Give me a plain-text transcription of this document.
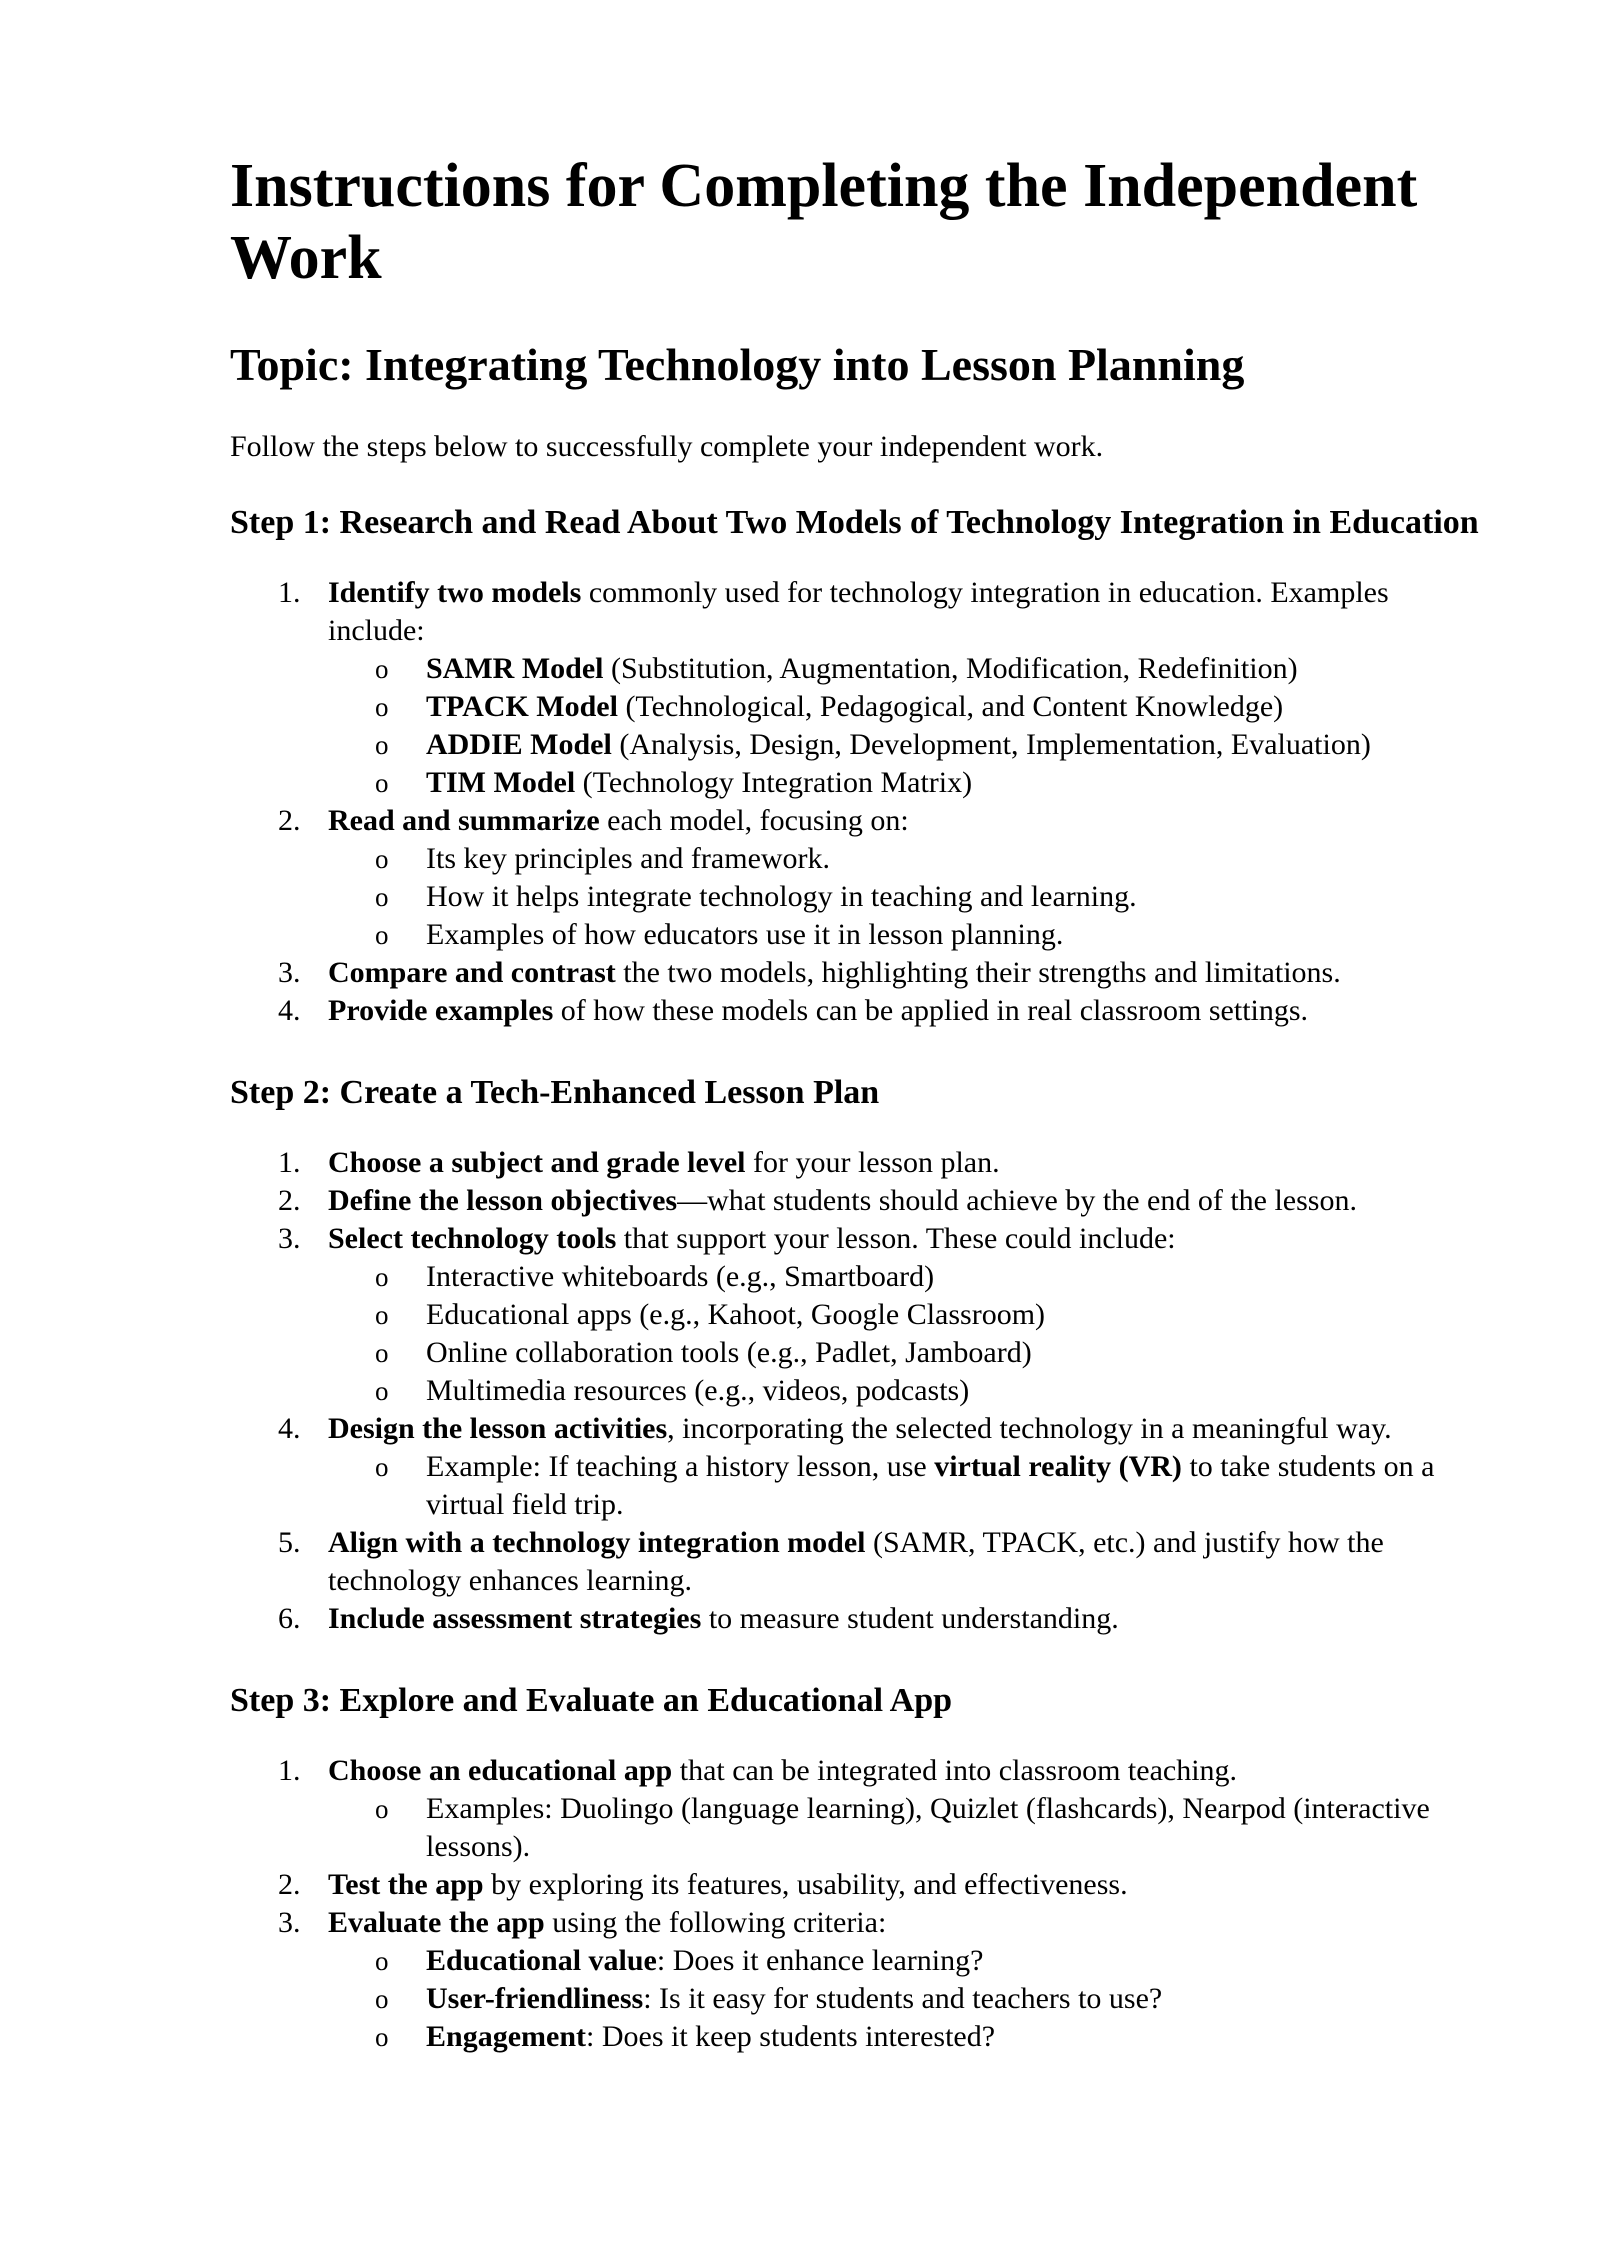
Instructions for Completing the Independent Work
Topic: Integrating Technology into Lesson Planning

Follow the steps below to successfully complete your independent work.

Step 1: Research and Read About Two Models of Technology Integration in Education
1. Identify two models commonly used for technology integration in education. Examples include:
o SAMR Model (Substitution, Augmentation, Modification, Redefinition)
o TPACK Model (Technological, Pedagogical, and Content Knowledge)
o ADDIE Model (Analysis, Design, Development, Implementation, Evaluation)
o TIM Model (Technology Integration Matrix)
2. Read and summarize each model, focusing on:
o Its key principles and framework.
o How it helps integrate technology in teaching and learning.
o Examples of how educators use it in lesson planning.
3. Compare and contrast the two models, highlighting their strengths and limitations.
4. Provide examples of how these models can be applied in real classroom settings.
Step 2: Create a Tech-Enhanced Lesson Plan
1. Choose a subject and grade level for your lesson plan.
2. Define the lesson objectives—what students should achieve by the end of the lesson.
3. Select technology tools that support your lesson. These could include:
o Interactive whiteboards (e.g., Smartboard)
o Educational apps (e.g., Kahoot, Google Classroom)
o Online collaboration tools (e.g., Padlet, Jamboard)
o Multimedia resources (e.g., videos, podcasts)
4. Design the lesson activities, incorporating the selected technology in a meaningful way.
o Example: If teaching a history lesson, use virtual reality (VR) to take students on a virtual field trip.
5. Align with a technology integration model (SAMR, TPACK, etc.) and justify how the technology enhances learning.
6. Include assessment strategies to measure student understanding.
Step 3: Explore and Evaluate an Educational App
1. Choose an educational app that can be integrated into classroom teaching.
o Examples: Duolingo (language learning), Quizlet (flashcards), Nearpod (interactive lessons).
2. Test the app by exploring its features, usability, and effectiveness.
3. Evaluate the app using the following criteria:
o Educational value: Does it enhance learning?
o User-friendliness: Is it easy for students and teachers to use?
o Engagement: Does it keep students interested?
